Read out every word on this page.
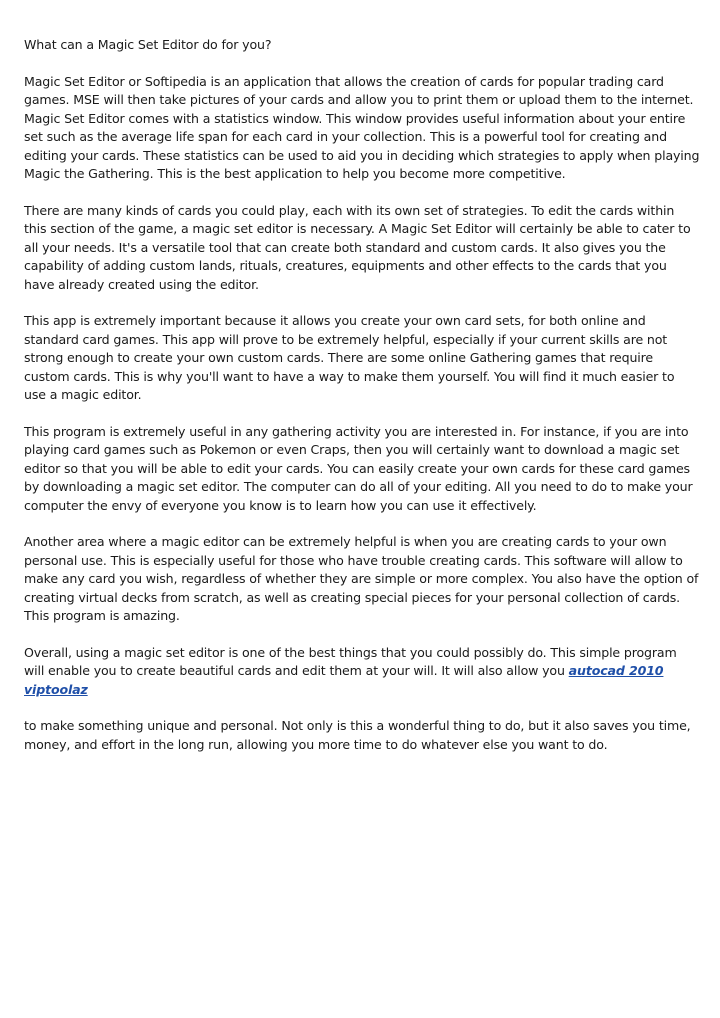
What can a Magic Set Editor do for you?

Magic Set Editor or Softipedia is an application that allows the creation of cards for popular trading card games. MSE will then take pictures of your cards and allow you to print them or upload them to the internet. Magic Set Editor comes with a statistics window. This window provides useful information about your entire set such as the average life span for each card in your collection. This is a powerful tool for creating and editing your cards. These statistics can be used to aid you in deciding which strategies to apply when playing Magic the Gathering. This is the best application to help you become more competitive.

There are many kinds of cards you could play, each with its own set of strategies. To edit the cards within this section of the game, a magic set editor is necessary. A Magic Set Editor will certainly be able to cater to all your needs. It's a versatile tool that can create both standard and custom cards. It also gives you the capability of adding custom lands, rituals, creatures, equipments and other effects to the cards that you have already created using the editor.

This app is extremely important because it allows you create your own card sets, for both online and standard card games. This app will prove to be extremely helpful, especially if your current skills are not strong enough to create your own custom cards. There are some online Gathering games that require custom cards. This is why you'll want to have a way to make them yourself. You will find it much easier to use a magic editor.

This program is extremely useful in any gathering activity you are interested in. For instance, if you are into playing card games such as Pokemon or even Craps, then you will certainly want to download a magic set editor so that you will be able to edit your cards. You can easily create your own cards for these card games by downloading a magic set editor. The computer can do all of your editing. All you need to do to make your computer the envy of everyone you know is to learn how you can use it effectively.

Another area where a magic editor can be extremely helpful is when you are creating cards to your own personal use. This is especially useful for those who have trouble creating cards. This software will allow to make any card you wish, regardless of whether they are simple or more complex. You also have the option of creating virtual decks from scratch, as well as creating special pieces for your personal collection of cards. This program is amazing.

Overall, using a magic set editor is one of the best things that you could possibly do. This simple program will enable you to create beautiful cards and edit them at your will. It will also allow you autocad 2010 viptoolaz

to make something unique and personal. Not only is this a wonderful thing to do, but it also saves you time, money, and effort in the long run, allowing you more time to do whatever else you want to do.
